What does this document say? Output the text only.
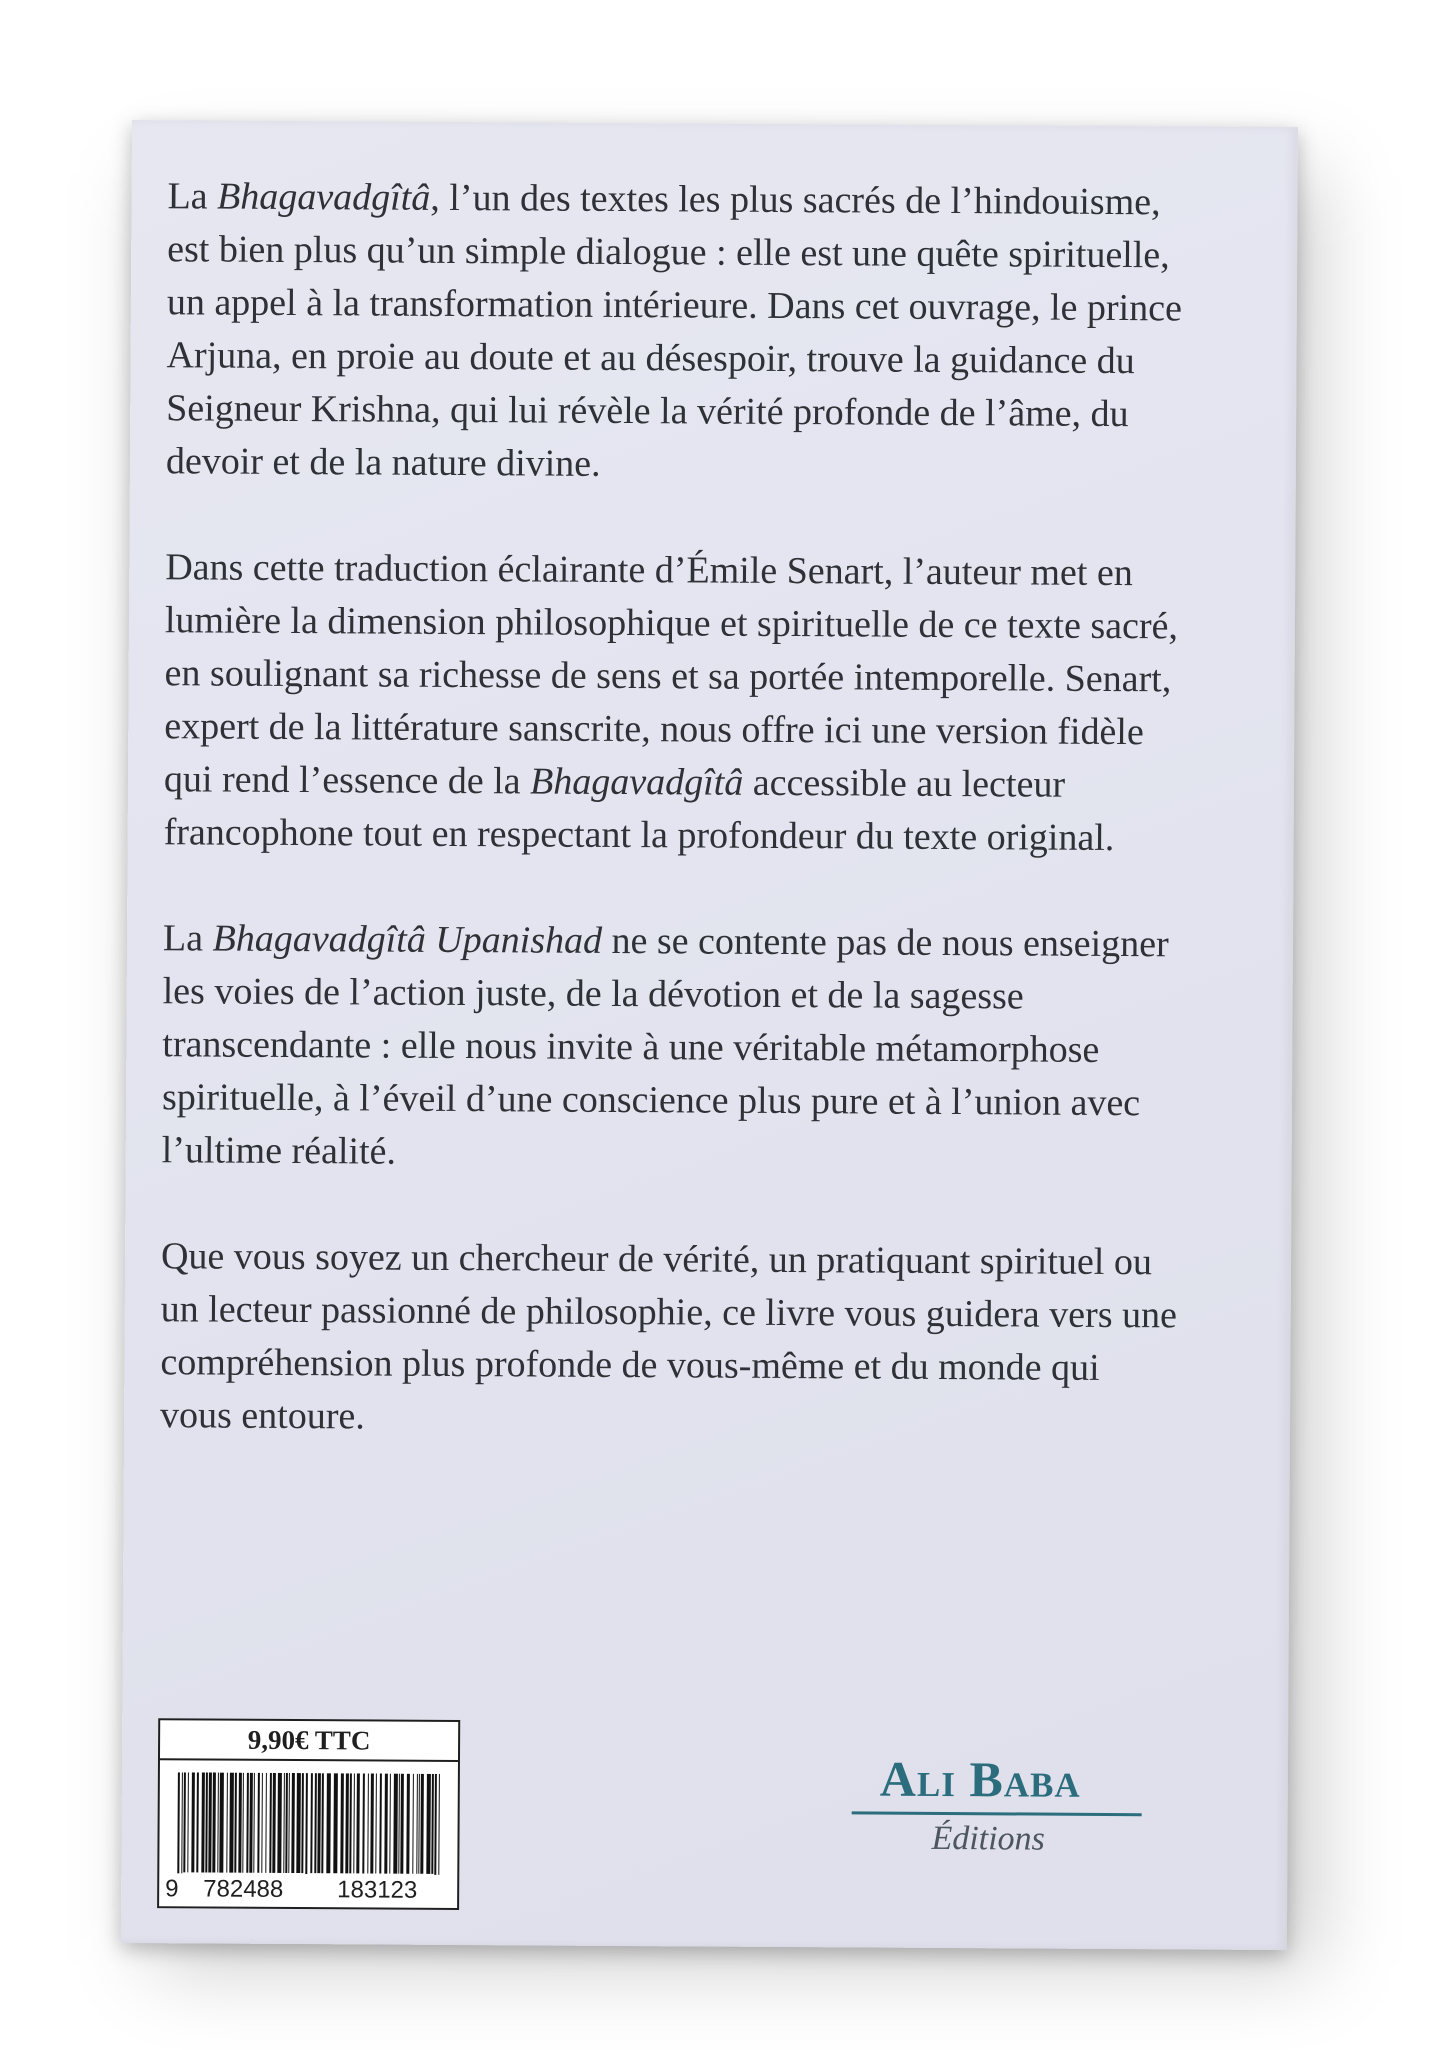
La Bhagavadgîtâ, l’un des textes les plus sacrés de l’hindouisme, est bien plus qu’un simple dialogue : elle est une quête spirituelle, un appel à la transformation intérieure. Dans cet ouvrage, le prince Arjuna, en proie au doute et au désespoir, trouve la guidance du Seigneur Krishna, qui lui révèle la vérité profonde de l’âme, du devoir et de la nature divine.

Dans cette traduction éclairante d’Émile Senart, l’auteur met en lumière la dimension philosophique et spirituelle de ce texte sacré, en soulignant sa richesse de sens et sa portée intemporelle. Senart, expert de la littérature sanscrite, nous offre ici une version fidèle qui rend l’essence de la Bhagavadgîtâ accessible au lecteur francophone tout en respectant la profondeur du texte original.

La Bhagavadgîtâ Upanishad ne se contente pas de nous enseigner les voies de l’action juste, de la dévotion et de la sagesse transcendante : elle nous invite à une véritable métamorphose spirituelle, à l’éveil d’une conscience plus pure et à l’union avec l’ultime réalité.

Que vous soyez un chercheur de vérité, un pratiquant spirituel ou un lecteur passionné de philosophie, ce livre vous guidera vers une compréhension plus profonde de vous-même et du monde qui vous entoure.

9,90€ TTC
9 782488 183123
Ali Baba
Éditions
